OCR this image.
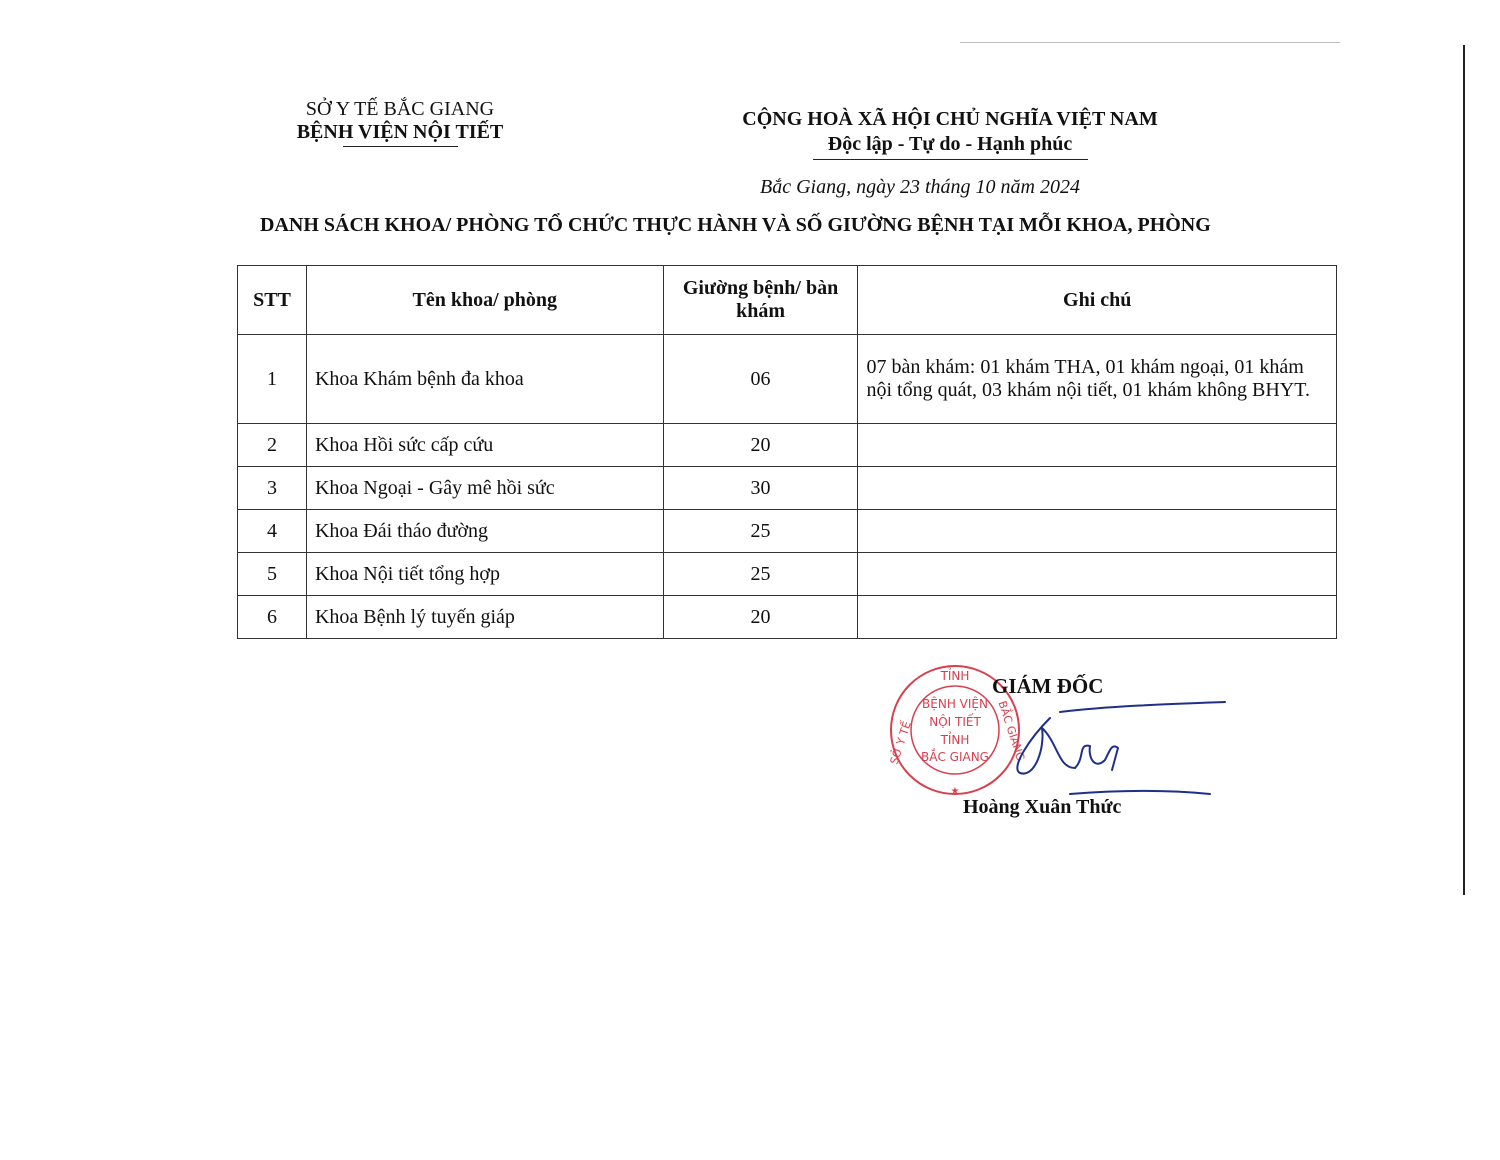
SỞ Y TẾ BẮC GIANG
BỆNH VIỆN NỘI TIẾT
CỘNG HOÀ XÃ HỘI CHỦ NGHĨA VIỆT NAM
Độc lập - Tự do - Hạnh phúc
Bắc Giang, ngày 23 tháng 10 năm 2024
DANH SÁCH KHOA/ PHÒNG TỔ CHỨC THỰC HÀNH VÀ SỐ GIƯỜNG BỆNH TẠI MỖI KHOA, PHÒNG
STT	Tên khoa/ phòng	Giường bệnh/ bàn khám	Ghi chú
1	Khoa Khám bệnh đa khoa	06	07 bàn khám: 01 khám THA, 01 khám ngoại, 01 khám nội tổng quát, 03 khám nội tiết, 01 khám không BHYT.
2	Khoa Hồi sức cấp cứu	20	
3	Khoa Ngoại - Gây mê hồi sức	30	
4	Khoa Đái tháo đường	25	
5	Khoa Nội tiết tổng hợp	25	
6	Khoa Bệnh lý tuyến giáp	20	
TỈNH
SỞ Y TẾ	BẮC GIANG
BỆNH VIỆN
NỘI TIẾT
TỈNH
BẮC GIANG
★
GIÁM ĐỐC
Hoàng Xuân Thức
